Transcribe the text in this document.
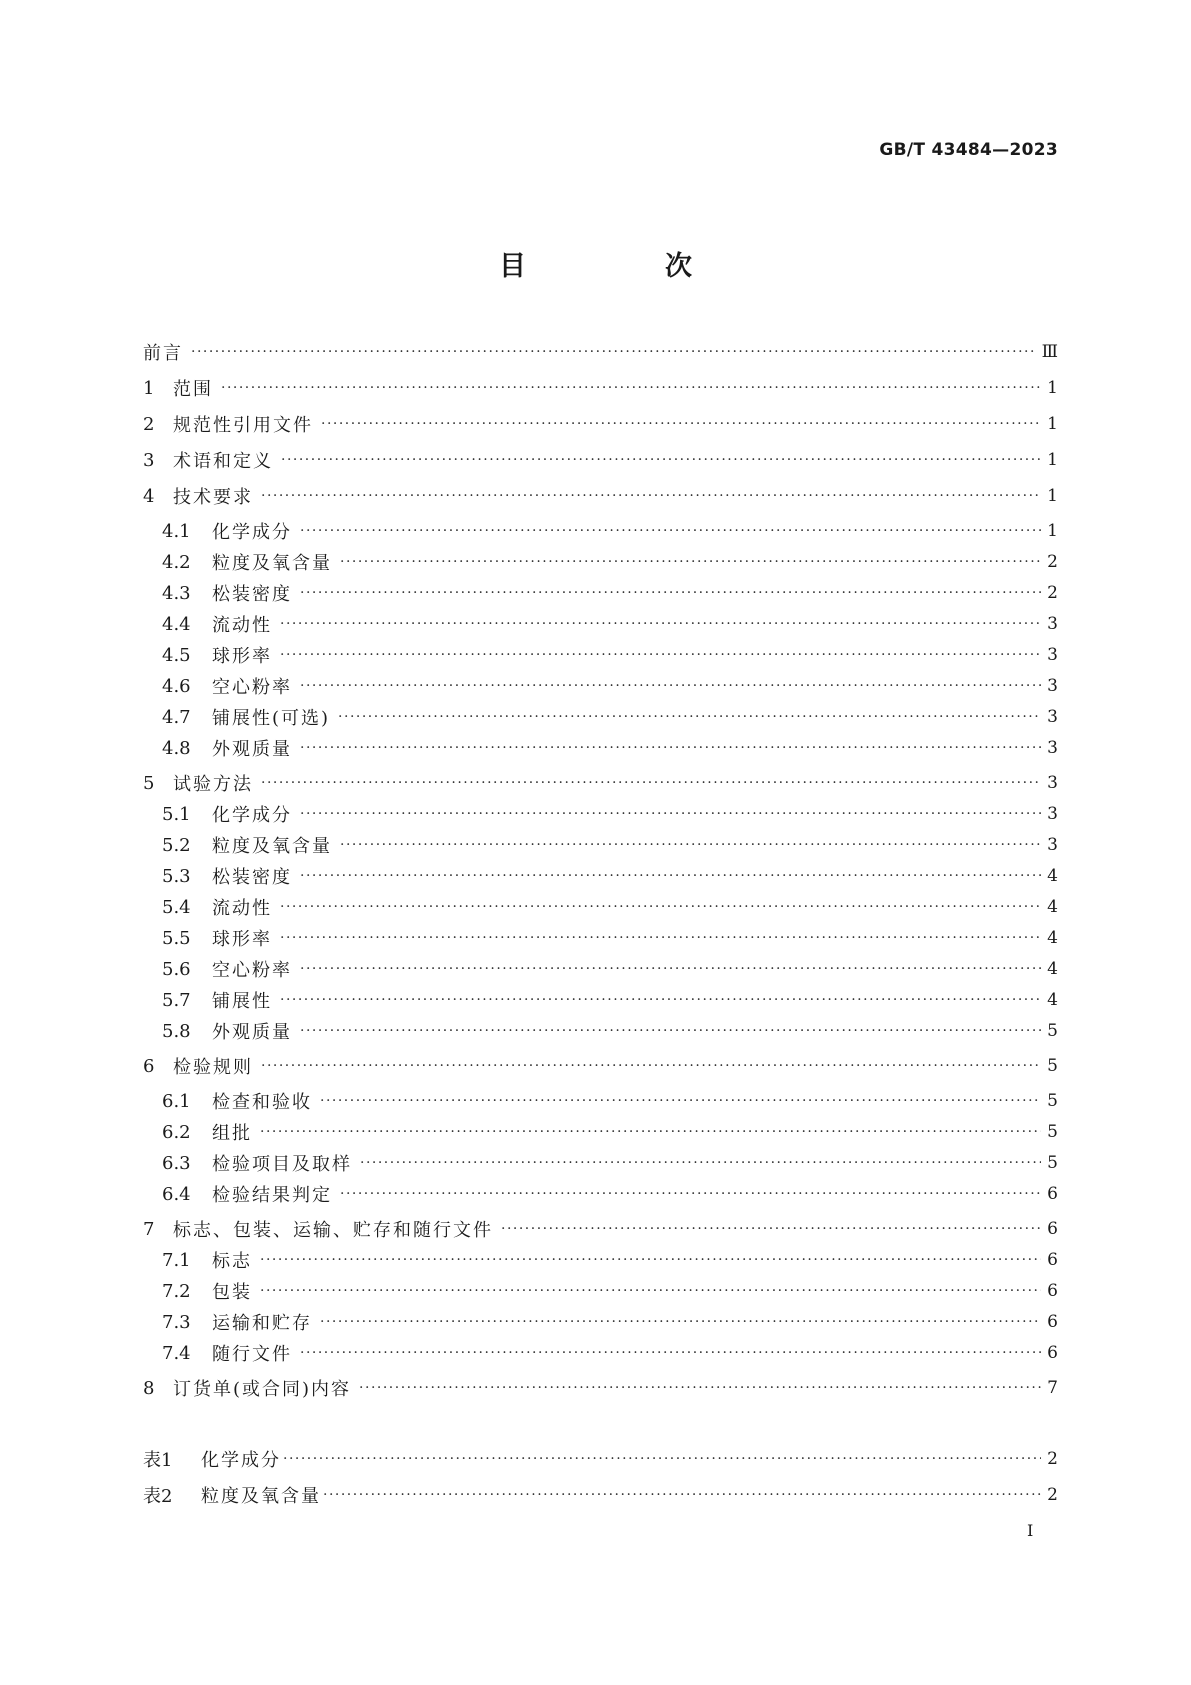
GB/T 43484—2023
目　次
前言 ·····	Ⅲ
1	范围 ·····	1
2	规范性引用文件 ·····	1
3	术语和定义 ·····	1
4	技术要求 ·····	1
4.1	化学成分 ·····	1
4.2	粒度及氧含量 ·····	2
4.3	松装密度 ·····	2
4.4	流动性 ·····	3
4.5	球形率 ·····	3
4.6	空心粉率 ·····	3
4.7	铺展性(可选) ·····	3
4.8	外观质量 ·····	3
5	试验方法 ·····	3
5.1	化学成分 ·····	3
5.2	粒度及氧含量 ·····	3
5.3	松装密度 ·····	4
5.4	流动性 ·····	4
5.5	球形率 ·····	4
5.6	空心粉率 ·····	4
5.7	铺展性 ·····	4
5.8	外观质量 ·····	5
6	检验规则 ·····	5
6.1	检查和验收 ·····	5
6.2	组批 ·····	5
6.3	检验项目及取样 ·····	5
6.4	检验结果判定 ·····	6
7	标志、包装、运输、贮存和随行文件 ·····	6
7.1	标志 ·····	6
7.2	包装 ·····	6
7.3	运输和贮存 ·····	6
7.4	随行文件 ·····	6
8	订货单(或合同)内容 ·····	7
表1	化学成分 ·····	2
表2	粒度及氧含量 ·····	2
I
